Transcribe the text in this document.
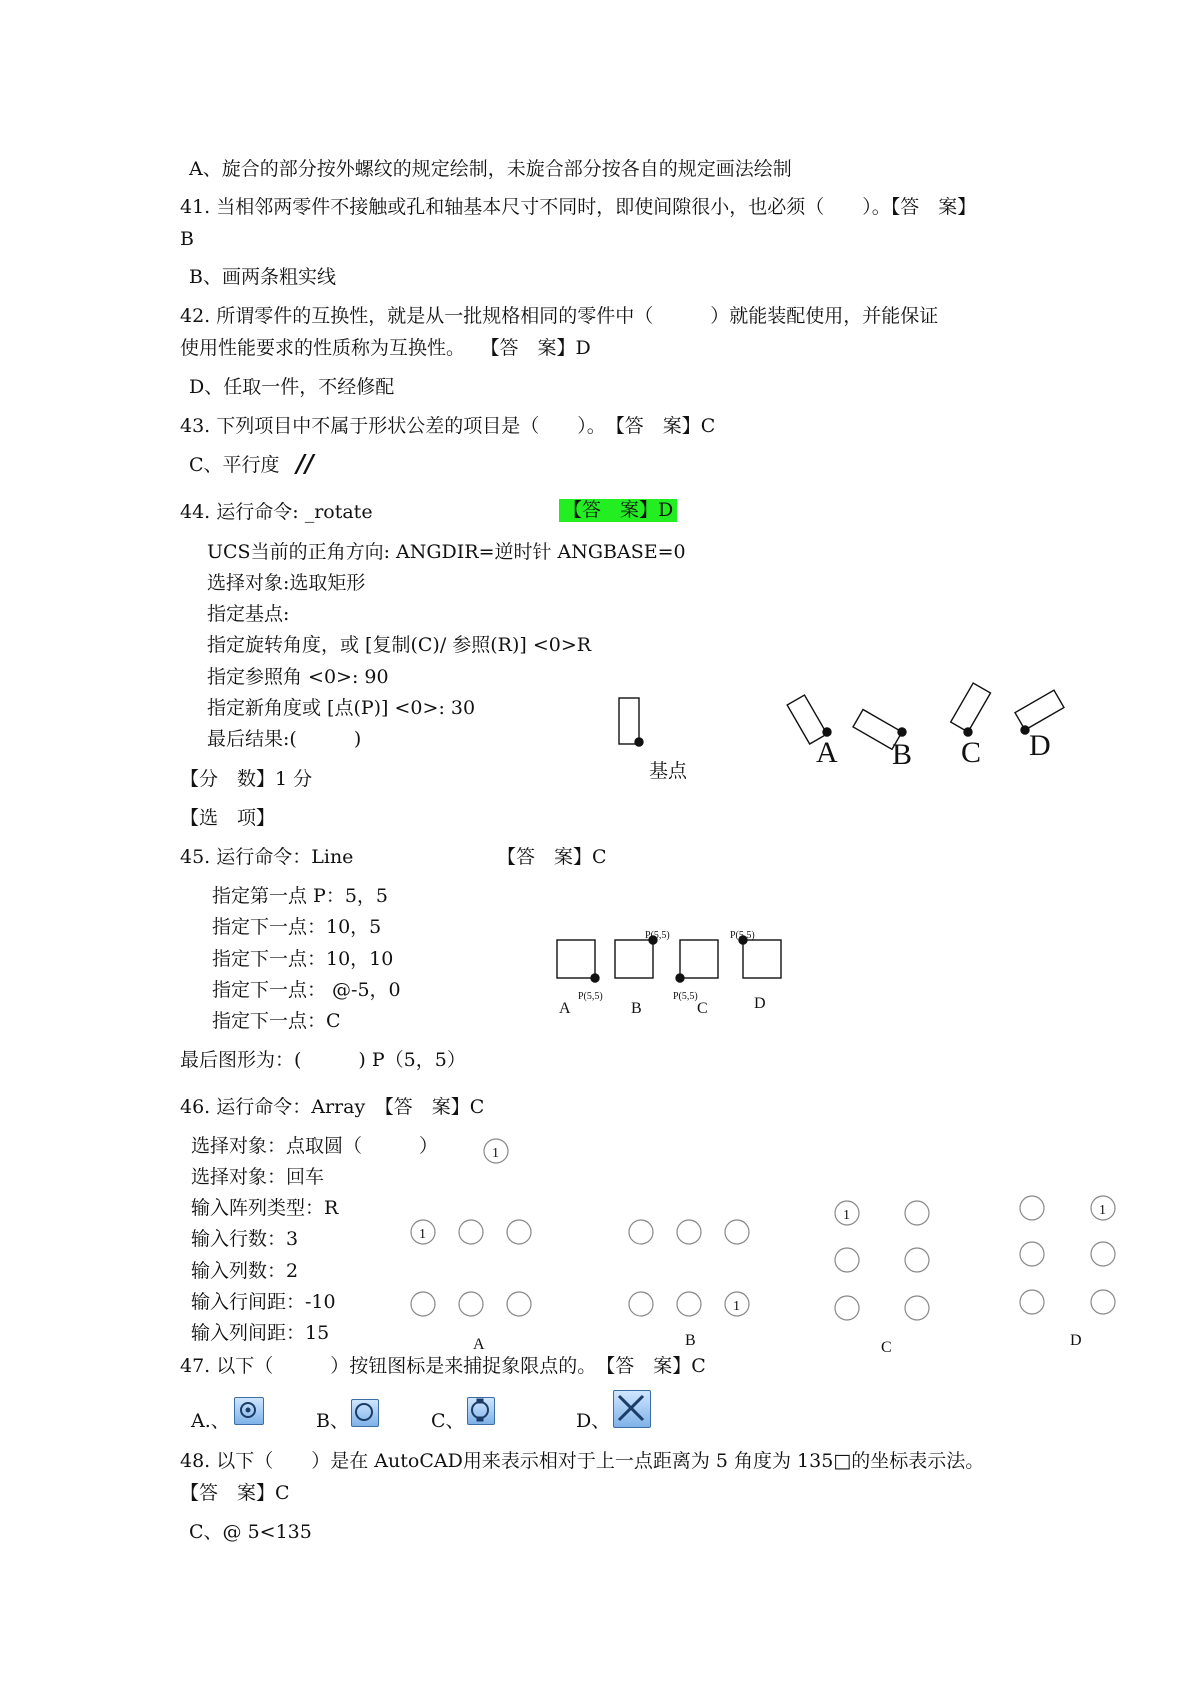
A、旋合的部分按外螺纹的规定绘制，未旋合部分按各自的规定画法绘制
41. 当相邻两零件不接触或孔和轴基本尺寸不同时，即使间隙很小，也必须（　　）。【答　案】
B
B、画两条粗实线
42. 所谓零件的互换性，就是从一批规格相同的零件中（　　　）就能装配使用，并能保证
使用性能要求的性质称为互换性。　 【答　案】D
D、任取一件，不经修配
43. 下列项目中不属于形状公差的项目是（　　）。　【答　案】C
C、平行度 //
44. 运行命令: _rotate	【答　案】D
UCS当前的正角方向: ANGDIR=逆时针 ANGBASE=0
选择对象:选取矩形
指定基点:
指定旋转角度，或 [复制(C)/ 参照(R)] <0>R
指定参照角 <0>: 90
指定新角度或 [点(P)] <0>: 30
最后结果:(　　　)
【分　数】1 分
【选　项】
45. 运行命令：Line	【答　案】C
指定第一点 P：5，5
指定下一点：10，5
指定下一点：10，10
指定下一点： @-5，0
指定下一点：C
最后图形为：(　　　) P（5，5）
46. 运行命令：Array　【答　案】C
选择对象：点取圆（　　　）
选择对象：回车
输入阵列类型：R
输入行数：3
输入列数：2
输入行间距：-10
输入列间距：15
47. 以下（　　　）按钮图标是来捕捉象限点的。　【答　案】C
A.、	B、	C、	D、
48. 以下（　　）是在 AutoCAD用来表示相对于上一点距离为 5 角度为 135□的坐标表示法。
【答　案】C
C、@ 5<135
基点
A B C D
P(5,5)
P(5,5)
P(5,5)
P(5,5)
A	B	C	D
1
1
1
1	1
A	B	C	D
